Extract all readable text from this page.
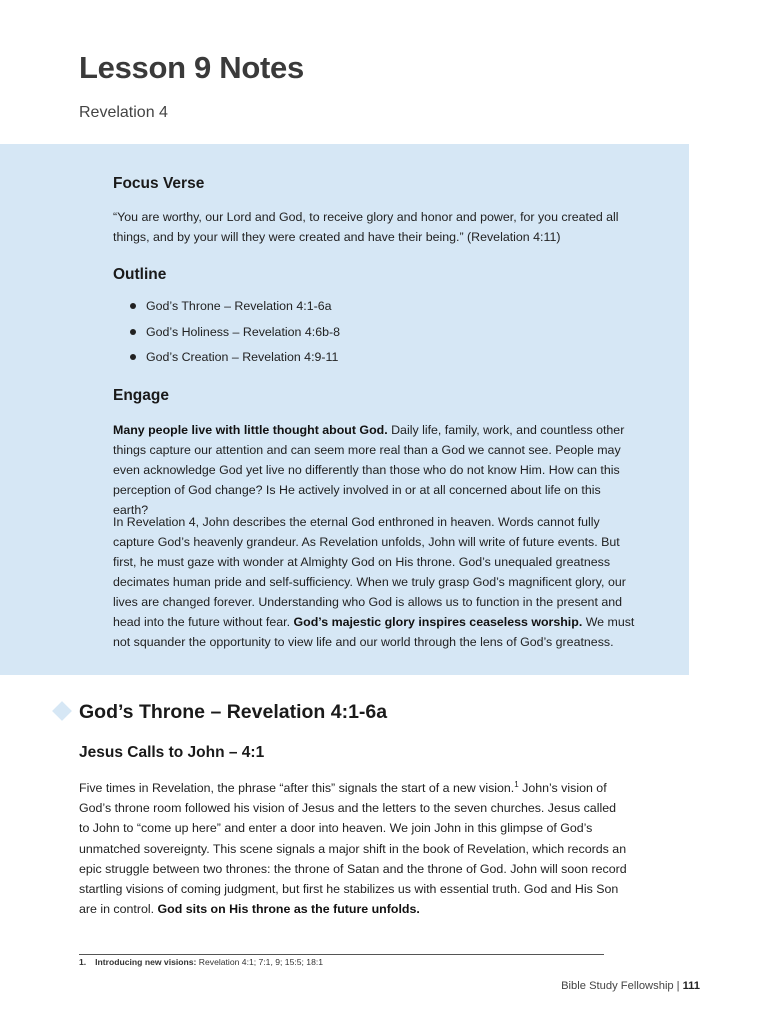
Lesson 9 Notes
Revelation 4
Focus Verse

“You are worthy, our Lord and God, to receive glory and honor and power, for you created all
things, and by your will they were created and have their being.” (Revelation 4:11)

Outline
God’s Throne – Revelation 4:1-6a
God’s Holiness – Revelation 4:6b-8
God’s Creation – Revelation 4:9-11
Engage

Many people live with little thought about God. Daily life, family, work, and countless other things capture our attention and can seem more real than a God we cannot see. People may even acknowledge God yet live no differently than those who do not know Him. How can this perception of God change? Is He actively involved in or at all concerned about life on this earth?

In Revelation 4, John describes the eternal God enthroned in heaven. Words cannot fully capture God’s heavenly grandeur. As Revelation unfolds, John will write of future events. But first, he must gaze with wonder at Almighty God on His throne. God’s unequaled greatness decimates human pride and self-sufficiency. When we truly grasp God’s magnificent glory, our lives are changed forever. Understanding who God is allows us to function in the present and head into the future without fear. God’s majestic glory inspires ceaseless worship. We must not squander the opportunity to view life and our world through the lens of God’s greatness.

God’s Throne – Revelation 4:1-6a
Jesus Calls to John – 4:1

Five times in Revelation, the phrase “after this” signals the start of a new vision.$^1$ John’s vision of God’s throne room followed his vision of Jesus and the letters to the seven churches. Jesus called to John to “come up here” and enter a door into heaven. We join John in this glimpse of God’s unmatched sovereignty. This scene signals a major shift in the book of Revelation, which records an epic struggle between two thrones: the throne of Satan and the throne of God. John will soon record startling visions of coming judgment, but first he stabilizes us with essential truth. God and His Son are in control. God sits on His throne as the future unfolds.

1. Introducing new visions: Revelation 4:1; 7:1, 9; 15:5; 18:1

Bible Study Fellowship | 111
